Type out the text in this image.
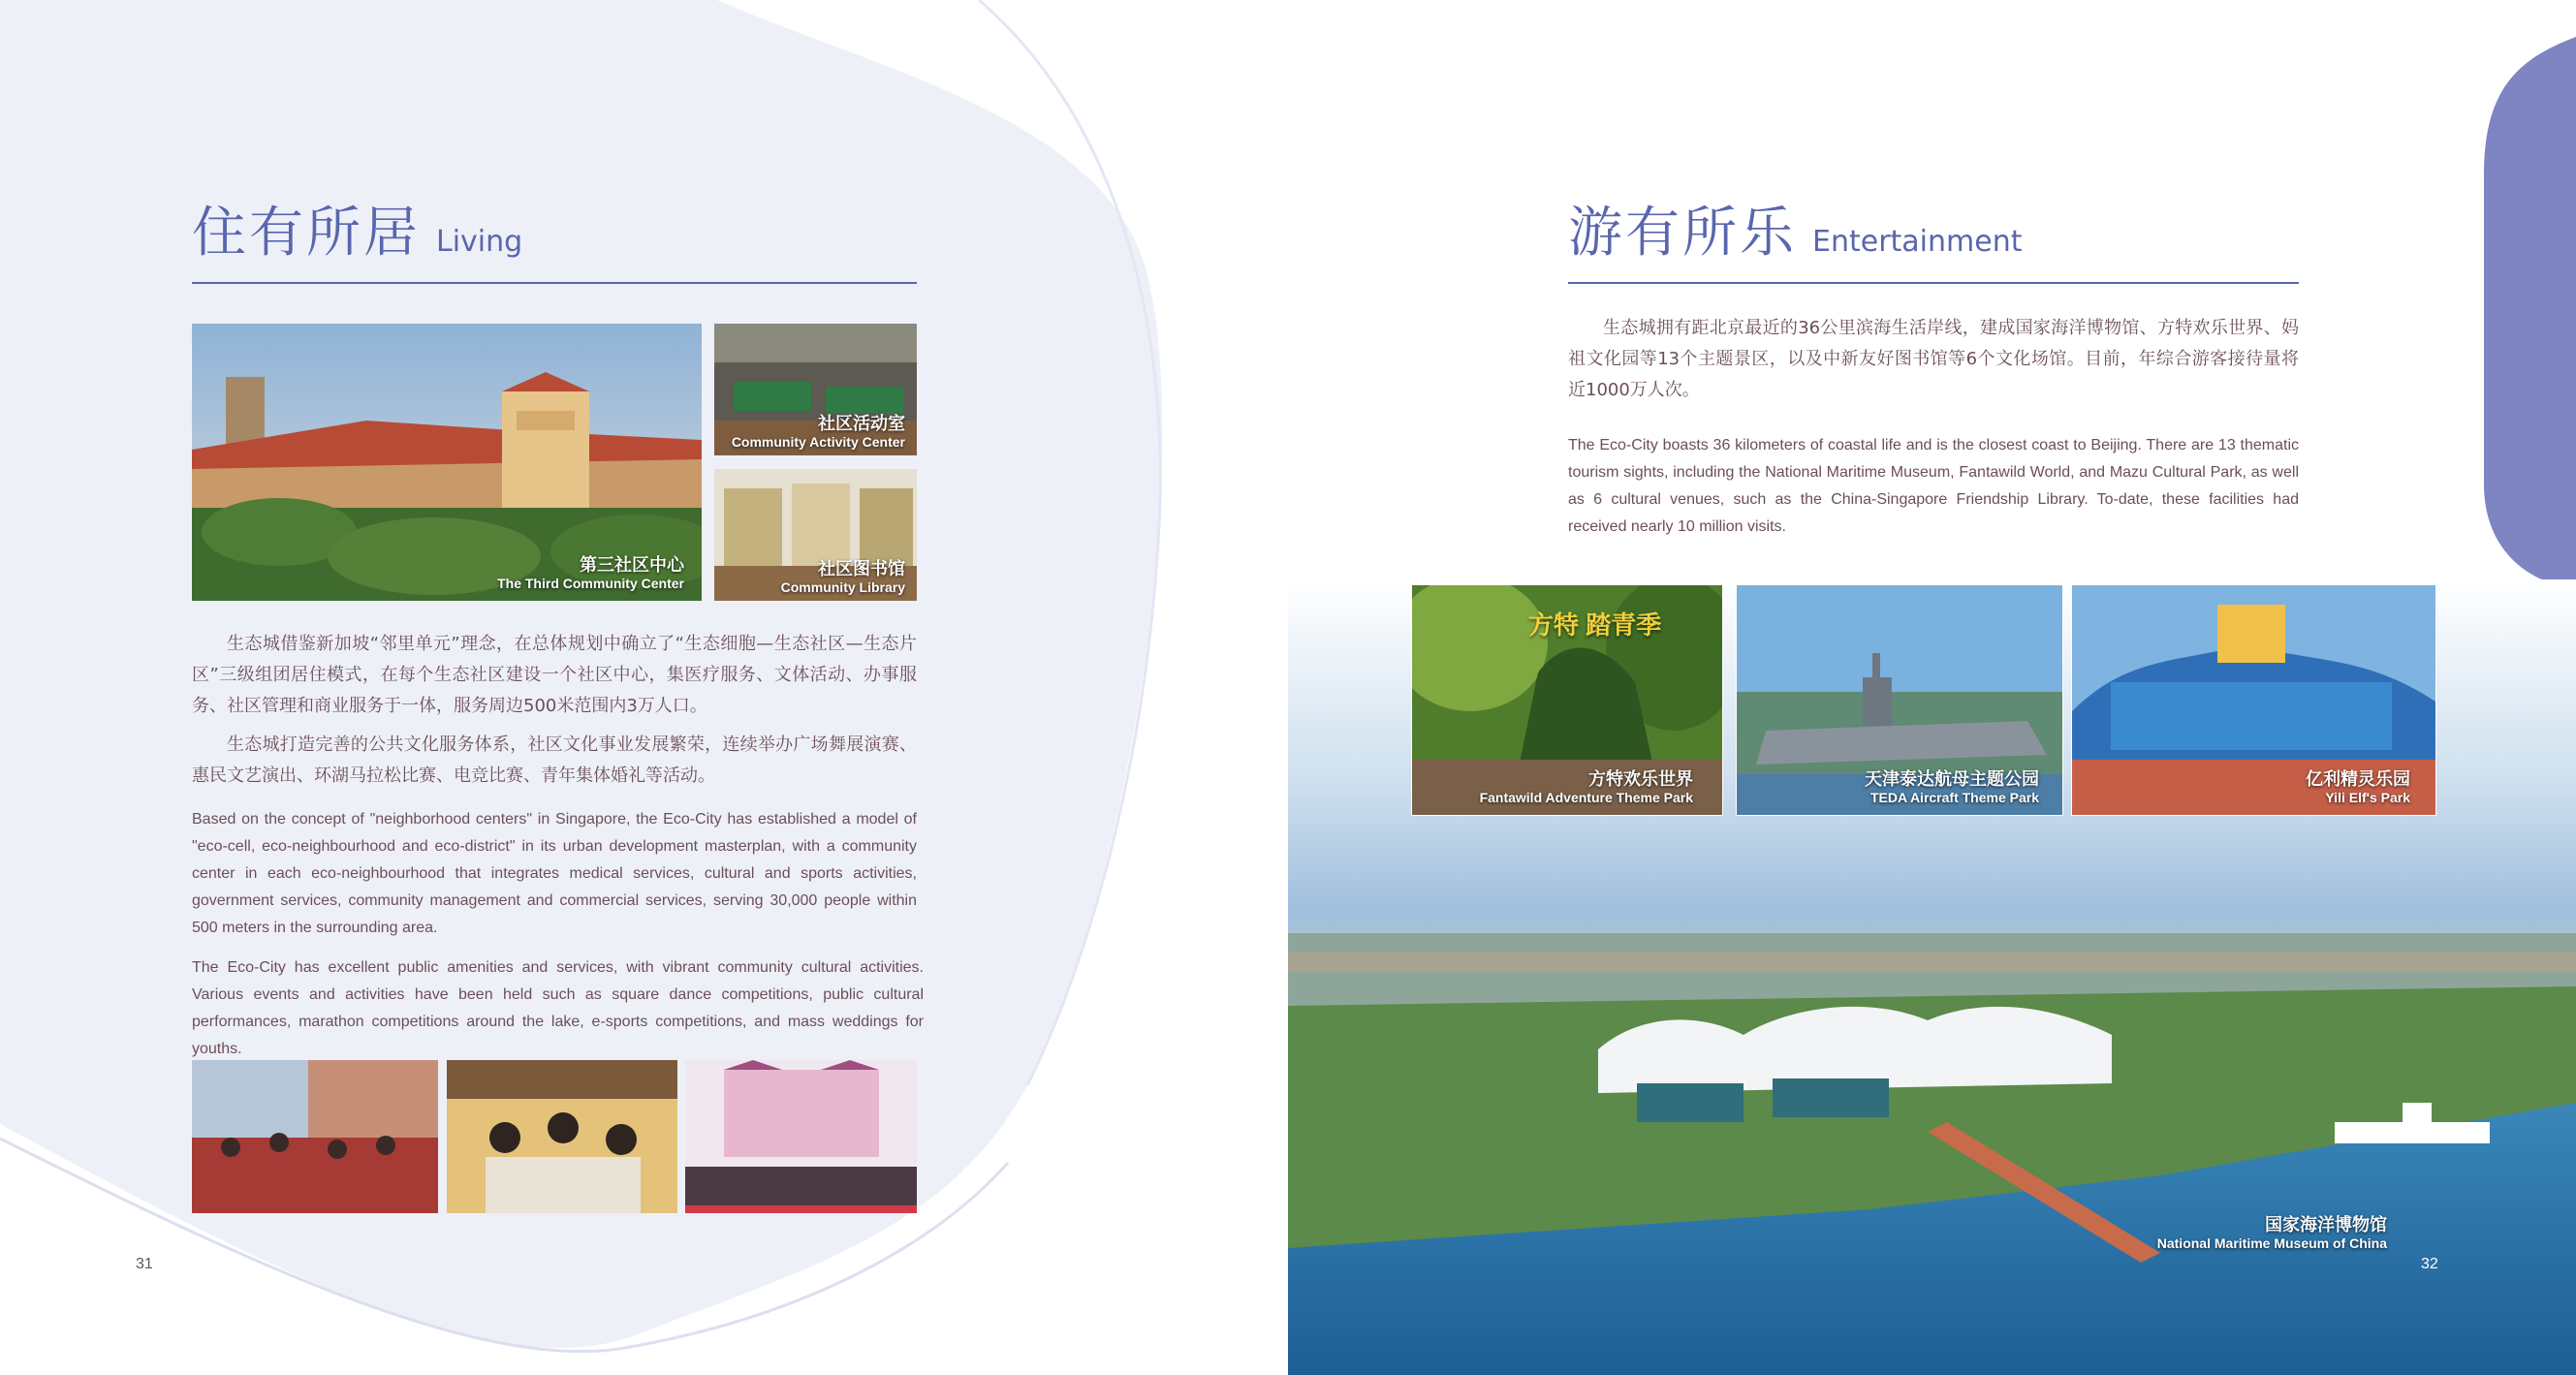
住有所居 Living
第三社区中心
The Third Community Center
社区活动室
Community Activity Center
社区图书馆
Community Library
生态城借鉴新加坡“邻里单元”理念，在总体规划中确立了“生态细胞—生态社区—生态片区”三级组团居住模式，在每个生态社区建设一个社区中心，集医疗服务、文体活动、办事服务、社区管理和商业服务于一体，服务周边500米范围内3万人口。
生态城打造完善的公共文化服务体系，社区文化事业发展繁荣，连续举办广场舞展演赛、惠民文艺演出、环湖马拉松比赛、电竞比赛、青年集体婚礼等活动。
Based on the concept of "neighborhood centers" in Singapore, the Eco-City has established a model of "eco-cell, eco-neighbourhood and eco-district" in its urban development masterplan, with a community center in each eco-neighbourhood that integrates medical services, cultural and sports activities, government services, community management and commercial services, serving 30,000 people within 500 meters in the surrounding area.
The Eco-City has excellent public amenities and services, with vibrant community cultural activities. Various events and activities have been held such as square dance competitions, public cultural performances, marathon competitions around the lake, e-sports competitions, and mass weddings for youths.
31
国家海洋博物馆
National Maritime Museum of China
游有所乐 Entertainment
生态城拥有距北京最近的36公里滨海生活岸线，建成国家海洋博物馆、方特欢乐世界、妈祖文化园等13个主题景区，以及中新友好图书馆等6个文化场馆。目前，年综合游客接待量将近1000万人次。
The Eco-City boasts 36 kilometers of coastal life and is the closest coast to Beijing. There are 13 thematic tourism sights, including the National Maritime Museum, Fantawild World, and Mazu Cultural Park, as well as 6 cultural venues, such as the China-Singapore Friendship Library. To-date, these facilities had received nearly 10 million visits.
方特 踏青季
方特欢乐世界
Fantawild Adventure Theme Park
天津泰达航母主题公园
TEDA Aircraft Theme Park
亿利精灵乐园
Yili Elf's Park
32
